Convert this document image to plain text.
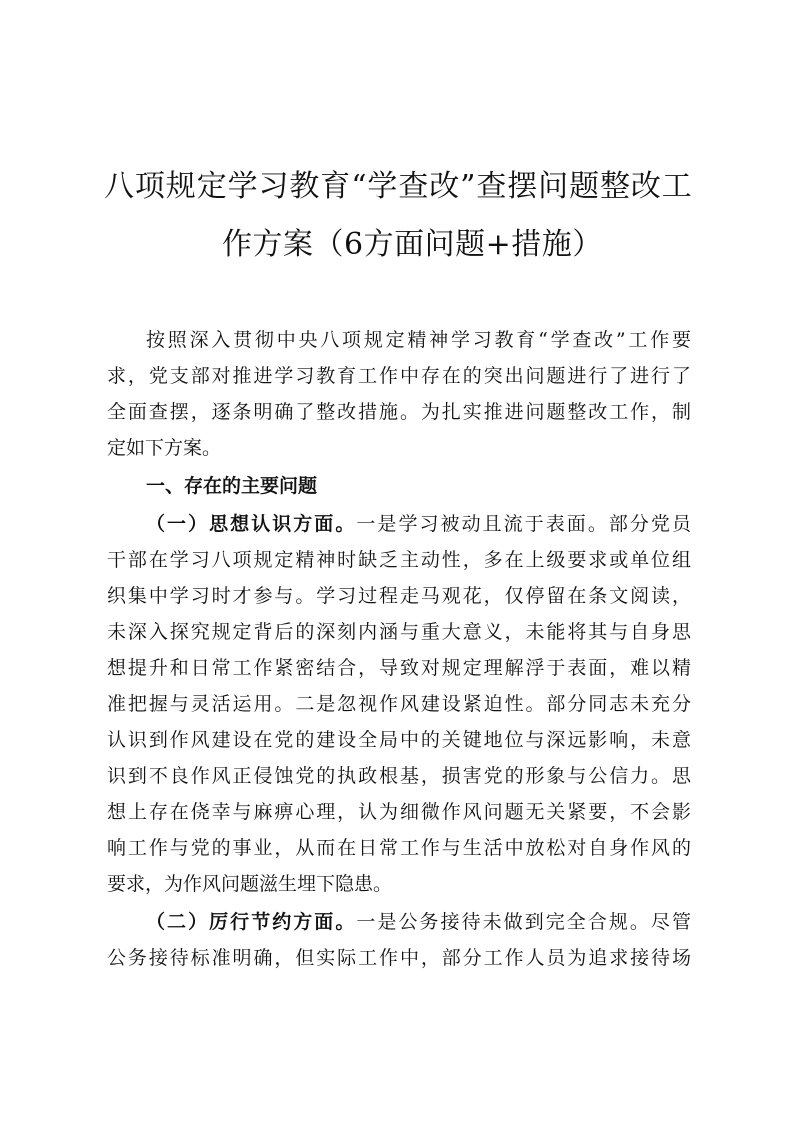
八项规定学习教育“学查改”查摆问题整改工
作方案（6方面问题+措施）
按照深入贯彻中央八项规定精神学习教育“学查改”工作要
求，党支部对推进学习教育工作中存在的突出问题进行了进行了
全面查摆，逐条明确了整改措施。为扎实推进问题整改工作，制
定如下方案。
一、存在的主要问题
（一）思想认识方面。一是学习被动且流于表面。部分党员
干部在学习八项规定精神时缺乏主动性，多在上级要求或单位组
织集中学习时才参与。学习过程走马观花，仅停留在条文阅读，
未深入探究规定背后的深刻内涵与重大意义，未能将其与自身思
想提升和日常工作紧密结合，导致对规定理解浮于表面，难以精
准把握与灵活运用。二是忽视作风建设紧迫性。部分同志未充分
认识到作风建设在党的建设全局中的关键地位与深远影响，未意
识到不良作风正侵蚀党的执政根基，损害党的形象与公信力。思
想上存在侥幸与麻痹心理，认为细微作风问题无关紧要，不会影
响工作与党的事业，从而在日常工作与生活中放松对自身作风的
要求，为作风问题滋生埋下隐患。
（二）厉行节约方面。一是公务接待未做到完全合规。尽管
公务接待标准明确，但实际工作中，部分工作人员为追求接待场
